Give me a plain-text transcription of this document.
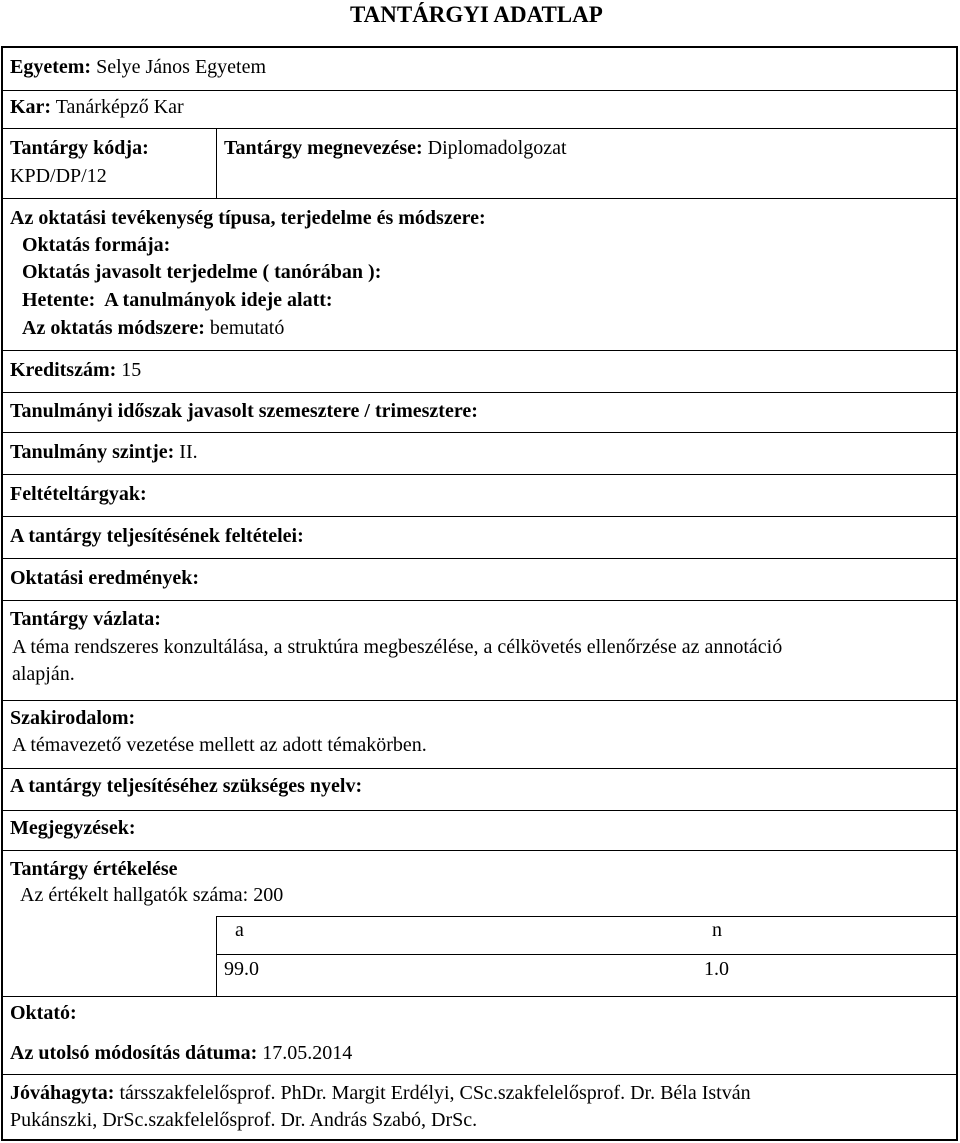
TANTÁRGYI ADATLAP
Egyetem: Selye János Egyetem
Kar: Tanárképző Kar
Tantárgy kódja:
KPD/DP/12
Tantárgy megnevezése: Diplomadolgozat
Az oktatási tevékenység típusa, terjedelme és módszere:
Oktatás formája:
Oktatás javasolt terjedelme ( tanórában ):
Hetente: A tanulmányok ideje alatt:
Az oktatás módszere: bemutató
Kreditszám: 15
Tanulmányi időszak javasolt szemesztere / trimesztere:
Tanulmány szintje: II.
Feltételtárgyak:
A tantárgy teljesítésének feltételei:
Oktatási eredmények:
Tantárgy vázlata:
A téma rendszeres konzultálása, a struktúra megbeszélése, a célkövetés ellenőrzése az annotáció
alapján.
Szakirodalom:
A témavezető vezetése mellett az adott témakörben.
A tantárgy teljesítéséhez szükséges nyelv:
Megjegyzések:
Tantárgy értékelése
Az értékelt hallgatók száma: 200
a	n
99.0	1.0
Oktató:
Az utolsó módosítás dátuma: 17.05.2014
Jóváhagyta: társszakfelelősprof. PhDr. Margit Erdélyi, CSc.szakfelelősprof. Dr. Béla István
Pukánszki, DrSc.szakfelelősprof. Dr. András Szabó, DrSc.
